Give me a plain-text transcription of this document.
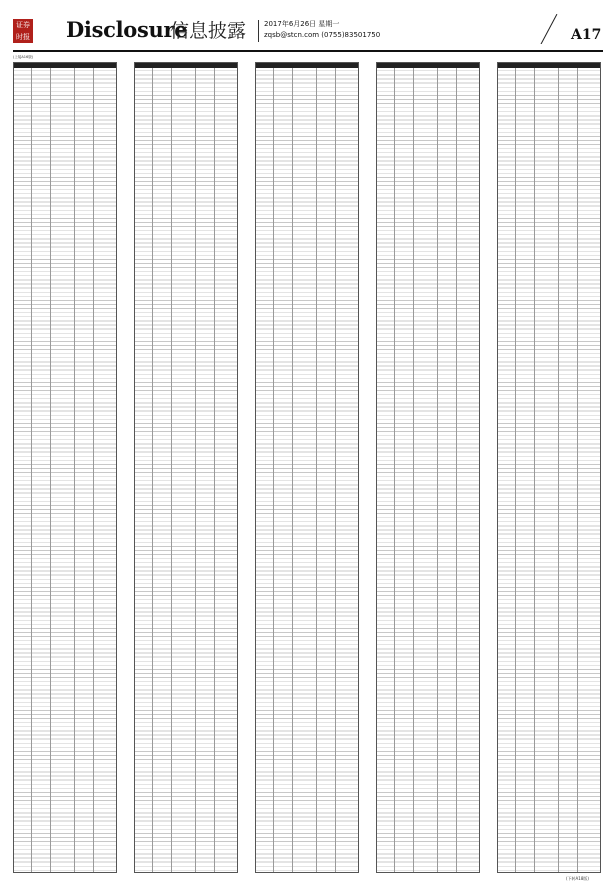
证券时报 Disclosure
信息披露	2017年6月26日 星期一
zqsb@stcn.com (0755)83501750	A17
(上接A16版)
(下转A18版)
